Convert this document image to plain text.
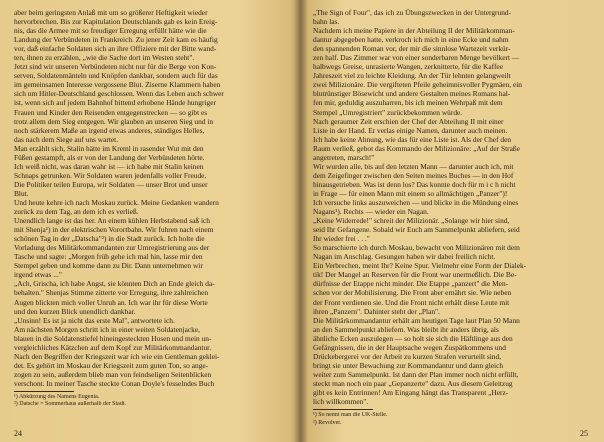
aber beim geringsten Anlaß mit um so größerer Heftigkeit wieder
hervorbrechen. Bis zur Kapitulation Deutschlands gab es kein Ereig-
nis, das die Armee mit so freudiger Erregung erfüllt hätte wie die
Landung der Verbündeten in Frankreich. Zu jener Zeit kam es häufig
vor, daß einfache Soldaten sich an ihre Offiziere mit der Bitte wand-
ten, ihnen zu erzählen, „wie die Sache dort im Westen steht".
Jetzt sind wir unseren Verbündeten nicht nur für die Berge von Kon-
serven, Soldatenmänteln und Knöpfen dankbar, sondern auch für das
im gemeinsamen Interesse vergossene Blut. Ziserne Klammern haben
sich um Hitler-Deutschland geschlossen. Wenn das Leben auch schwer
ist, wenn sich auf jedem Bahnhof bittend erhobene Hände hungriger
Frauen und Kinder den Reisenden entgegenstrecken — so gibt es
trotz allem dem Sieg entgegen. Wir glauben an unseren Sieg und in
noch stärkerem Maße an irgend etwas anderes, ständiges Helles,
das nach dem Siege auf uns wartet.
Man erzählt sich, Stalin hätte im Kreml in rasender Wut mit den
Füßen gestampft, als er von der Landung der Verbündeten hörte.
Ich weiß nicht, was daran wahr ist — ich habe mit Stalin keinen
Schnaps getrunken. Wir Soldaten waren jedenfalls voller Freude.
Die Politiker teilen Europa, wir Soldaten — unser Brot und unser
Blut.
Und heute kehre ich nach Moskau zurück. Meine Gedanken wandern
zurück zu dem Tag, an dem ich es verließ.
Unendlich lange ist das her. An einem kühlen Herbstabend saß ich
mit Shenja¹) in der elektrischen Vorortbahn. Wir fuhren nach einem
schönen Tag in der „Datscha"²) in die Stadt zurück. Ich holte die
Vorladung des Militärkommandanten zur Umregistrierung aus der
Tasche und sagte: „Morgen früh gehe ich mal hin, lasse mir den
Stempel geben und komme dann zu Dir. Dann unternehmen wir
irgend etwas ..."
„Ach, Grischa, ich habe Angst, sie könnten Dich an Ende gleich da-
behalten." Shenjas Stimme zitterte vor Erregung, ihre zahlreichen
Augen blickten mich voller Unruh an. Ich war ihr für diese Worte
und den kurzen Blick unendlich dankbar.
„Unsinn! Es ist ja nicht das erste Mal", antwortete ich.
Am nächsten Morgen schritt ich in einer weiten Soldatenjacke,
blauen in die Soldatenstiefel hineingesteckten Hosen und mein un-
vergleichliches Kätzchen auf dem Kopf zur Militärkommandantur.
Nach den Begriffen der Kriegszeit war ich wie ein Gentleman geklei-
det. Es gehört im Moskau der Kriegszeit zum guten Ton, so ange-
zogen zu sein, außerdem blieb man von feindseligen Seitenblicken
verschont. In meiner Tasche steckte Conan Doyle's fesselndes Buch
¹) Abkürzung des Namens Eugenia.
²) Datsche = Sommerhaus außerhalb der Stadt.
24
„The Sign of Four", das ich zu Übungszwecken in der Untergrund-
bahn las.
Nachdem ich meine Papiere in der Abteilung II der Militärkomman-
dantur abgegeben hatte, verkroch ich mich in eine Ecke und nahm
den spannenden Roman vor, der mir die sinnlose Wartezeit verkür-
zen half. Das Zimmer war von einer sonderbaren Menge bevölkert —
halbwegs Greise, unrasierte Wangen, zerknitterte, für die Kaffee
Jahreszeit viel zu leichte Kleidung. An der Tür lehnten gelangweilt
zwei Milizionäre. Die vergifteten Pfeile geheimnisvoller Pygmäen, ein
blutrünstiger Bösewicht und andere Gestalten meines Romans hal-
fen mir, geduldig auszuharren, bis ich meinen Wehrpaß mit dem
Stempel „Umregistriert" zurückbekommen würde.
Nach geraumer Zeit erschien der Chef der Abteilung II mit einer
Liste in der Hand. Er verlas einige Namen, darunter auch meinen.
Ich habe keine Ahnung, wie das für eine Liste ist. Als der Chef den
Raum verließ, gebot das Kommando der Milizionäre: „Auf der Straße
angetreten, marsch!"
Wir wurden alle, bis auf den letzten Mann — darunter auch ich, mit
dem Zeigefinger zwischen den Seiten meines Buches — in den Hof
hinausgetrieben. Was ist denn los? Das konnte doch für m i c h nicht
in Frage — für einen Mann mit einem so allmächtigen „Panzer")!
Ich versuche links auszuweichen — und blicke in die Mündung eines
Nagans¹). Rechts — wieder ein Nagan.
„Keine Widerrede!" schreit der Milizionär. „Solange wir hier sind,
seid Ihr Gefangene. Sobald wir Euch am Sammelpunkt abliefern, seid
Ihr wieder frei . . ."
So marschierte ich durch Moskau, bewacht von Milizionären mit dem
Nagan im Anschlag. Gesungen haben wir dabei freilich nicht.
Ein Verbrechen, meint Ihr? Keine Spur. Vielmehr eine Form der Dialek-
tik! Der Mangel an Reserven für die Front war unermeßlich. Die Be-
dürfnisse der Etappe nicht minder. Die Etappe „panzert" die Men-
schen vor der Mobilisierung. Die Front aber ernährt sie. Wie neben
der Front verdienen sie. Und die Front nicht erhält diese Leute mit
ihren „Panzern". Dahinter steht der „Plan".
Die Militärkommandantur erhält am heutigen Tage laut Plan 50 Mann
an den Sammelpunkt abliefern. Was bleibt ihr anders übrig, als
ähnliche Ecken auszulegen — so holt sie sich die Häftlinge aus den
Gefängnissen, die in der Hauptsache wegen Zuspätkommens und
Drückebergerei vor der Arbeit zu kurzen Strafen verurteilt sind,
bringt sie unter Bewachung zur Kommandantur und dann gleich
weiter zum Sammelpunkt. Ist dann der Plan immer noch nicht erfüllt,
steckt man noch ein paar „Gepanzerte" dazu. Aus diesem Geleitzug
gibt es kein Entrinnen! Am Eingang hängt das Transparent „Herz-
lich willkommen".
¹) So nennt man die UK-Stelle.
²) Revolver.
25
